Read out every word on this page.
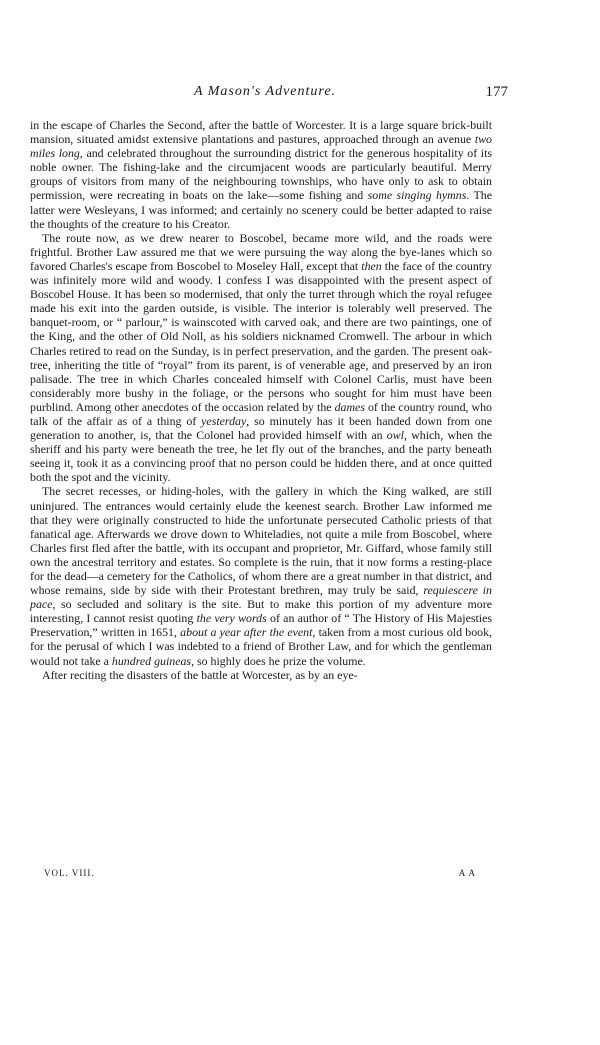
A Mason's Adventure.	177

in the escape of Charles the Second, after the battle of Worcester. It is a large square brick-built mansion, situated amidst extensive plantations and pastures, approached through an avenue two miles long, and celebrated throughout the surrounding district for the generous hospitality of its noble owner. The fishing-lake and the circumjacent woods are particularly beautiful. Merry groups of visitors from many of the neighbouring townships, who have only to ask to obtain permission, were recreating in boats on the lake—some fishing and some singing hymns. The latter were Wesleyans, I was informed; and certainly no scenery could be better adapted to raise the thoughts of the creature to his Creator.

The route now, as we drew nearer to Boscobel, became more wild, and the roads were frightful. Brother Law assured me that we were pursuing the way along the bye-lanes which so favored Charles's escape from Boscobel to Moseley Hall, except that then the face of the country was infinitely more wild and woody. I confess I was disappointed with the present aspect of Boscobel House. It has been so modernised, that only the turret through which the royal refugee made his exit into the garden outside, is visible. The interior is tolerably well preserved. The banquet-room, or “ parlour,” is wainscoted with carved oak, and there are two paintings, one of the King, and the other of Old Noll, as his soldiers nicknamed Cromwell. The arbour in which Charles retired to read on the Sunday, is in perfect preservation, and the garden. The present oak-tree, inheriting the title of “royal” from its parent, is of venerable age, and preserved by an iron palisade. The tree in which Charles concealed himself with Colonel Carlis, must have been considerably more bushy in the foliage, or the persons who sought for him must have been purblind. Among other anecdotes of the occasion related by the dames of the country round, who talk of the affair as of a thing of yesterday, so minutely has it been handed down from one generation to another, is, that the Colonel had provided himself with an owl, which, when the sheriff and his party were beneath the tree, he let fly out of the branches, and the party beneath seeing it, took it as a convincing proof that no person could be hidden there, and at once quitted both the spot and the vicinity.

The secret recesses, or hiding-holes, with the gallery in which the King walked, are still uninjured. The entrances would certainly elude the keenest search. Brother Law informed me that they were originally constructed to hide the unfortunate persecuted Catholic priests of that fanatical age. Afterwards we drove down to Whiteladies, not quite a mile from Boscobel, where Charles first fled after the battle, with its occupant and proprietor, Mr. Giffard, whose family still own the ancestral territory and estates. So complete is the ruin, that it now forms a resting-place for the dead—a cemetery for the Catholics, of whom there are a great number in that district, and whose remains, side by side with their Protestant brethren, may truly be said, requiescere in pace, so secluded and solitary is the site. But to make this portion of my adventure more interesting, I cannot resist quoting the very words of an author of “ The History of His Majesties Preservation,” written in 1651, about a year after the event, taken from a most curious old book, for the perusal of which I was indebted to a friend of Brother Law, and for which the gentleman would not take a hundred guineas, so highly does he prize the volume.

After reciting the disasters of the battle at Worcester, as by an eye-

VOL. VIII.	A A
